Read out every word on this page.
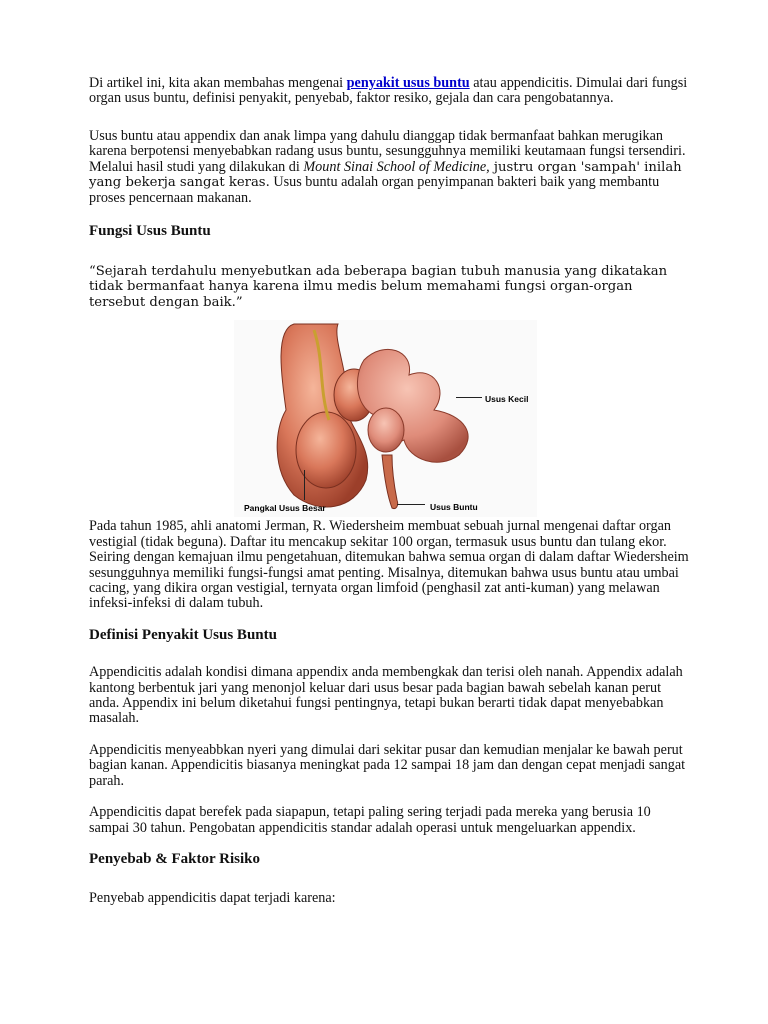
Di artikel ini, kita akan membahas mengenai penyakit usus buntu atau appendicitis. Dimulai dari fungsi organ usus buntu, definisi penyakit, penyebab, faktor resiko, gejala dan cara pengobatannya.

Usus buntu atau appendix dan anak limpa yang dahulu dianggap tidak bermanfaat bahkan merugikan karena berpotensi menyebabkan radang usus buntu, sesungguhnya memiliki keutamaan fungsi tersendiri. Melalui hasil studi yang dilakukan di Mount Sinai School of Medicine, justru organ 'sampah' inilah yang bekerja sangat keras. Usus buntu adalah organ penyimpanan bakteri baik yang membantu proses pencernaan makanan.

Fungsi Usus Buntu

“Sejarah terdahulu menyebutkan ada beberapa bagian tubuh manusia yang dikatakan tidak bermanfaat hanya karena ilmu medis belum memahami fungsi organ-organ tersebut dengan baik.”

Usus Kecil
Pangkal Usus Besar	Usus Buntu

Pada tahun 1985, ahli anatomi Jerman, R. Wiedersheim membuat sebuah jurnal mengenai daftar organ vestigial (tidak beguna). Daftar itu mencakup sekitar 100 organ, termasuk usus buntu dan tulang ekor. Seiring dengan kemajuan ilmu pengetahuan, ditemukan bahwa semua organ di dalam daftar Wiedersheim sesungguhnya memiliki fungsi-fungsi amat penting. Misalnya, ditemukan bahwa usus buntu atau umbai cacing, yang dikira organ vestigial, ternyata organ limfoid (penghasil zat anti-kuman) yang melawan infeksi-infeksi di dalam tubuh.

Definisi Penyakit Usus Buntu

Appendicitis adalah kondisi dimana appendix anda membengkak dan terisi oleh nanah. Appendix adalah kantong berbentuk jari yang menonjol keluar dari usus besar pada bagian bawah sebelah kanan perut anda. Appendix ini belum diketahui fungsi pentingnya, tetapi bukan berarti tidak dapat menyebabkan masalah.

Appendicitis menyeabbkan nyeri yang dimulai dari sekitar pusar dan kemudian menjalar ke bawah perut bagian kanan. Appendicitis biasanya meningkat pada 12 sampai 18 jam dan dengan cepat menjadi sangat parah.

Appendicitis dapat berefek pada siapapun, tetapi paling sering terjadi pada mereka yang berusia 10 sampai 30 tahun. Pengobatan appendicitis standar adalah operasi untuk mengeluarkan appendix.

Penyebab & Faktor Risiko

Penyebab appendicitis dapat terjadi karena:
